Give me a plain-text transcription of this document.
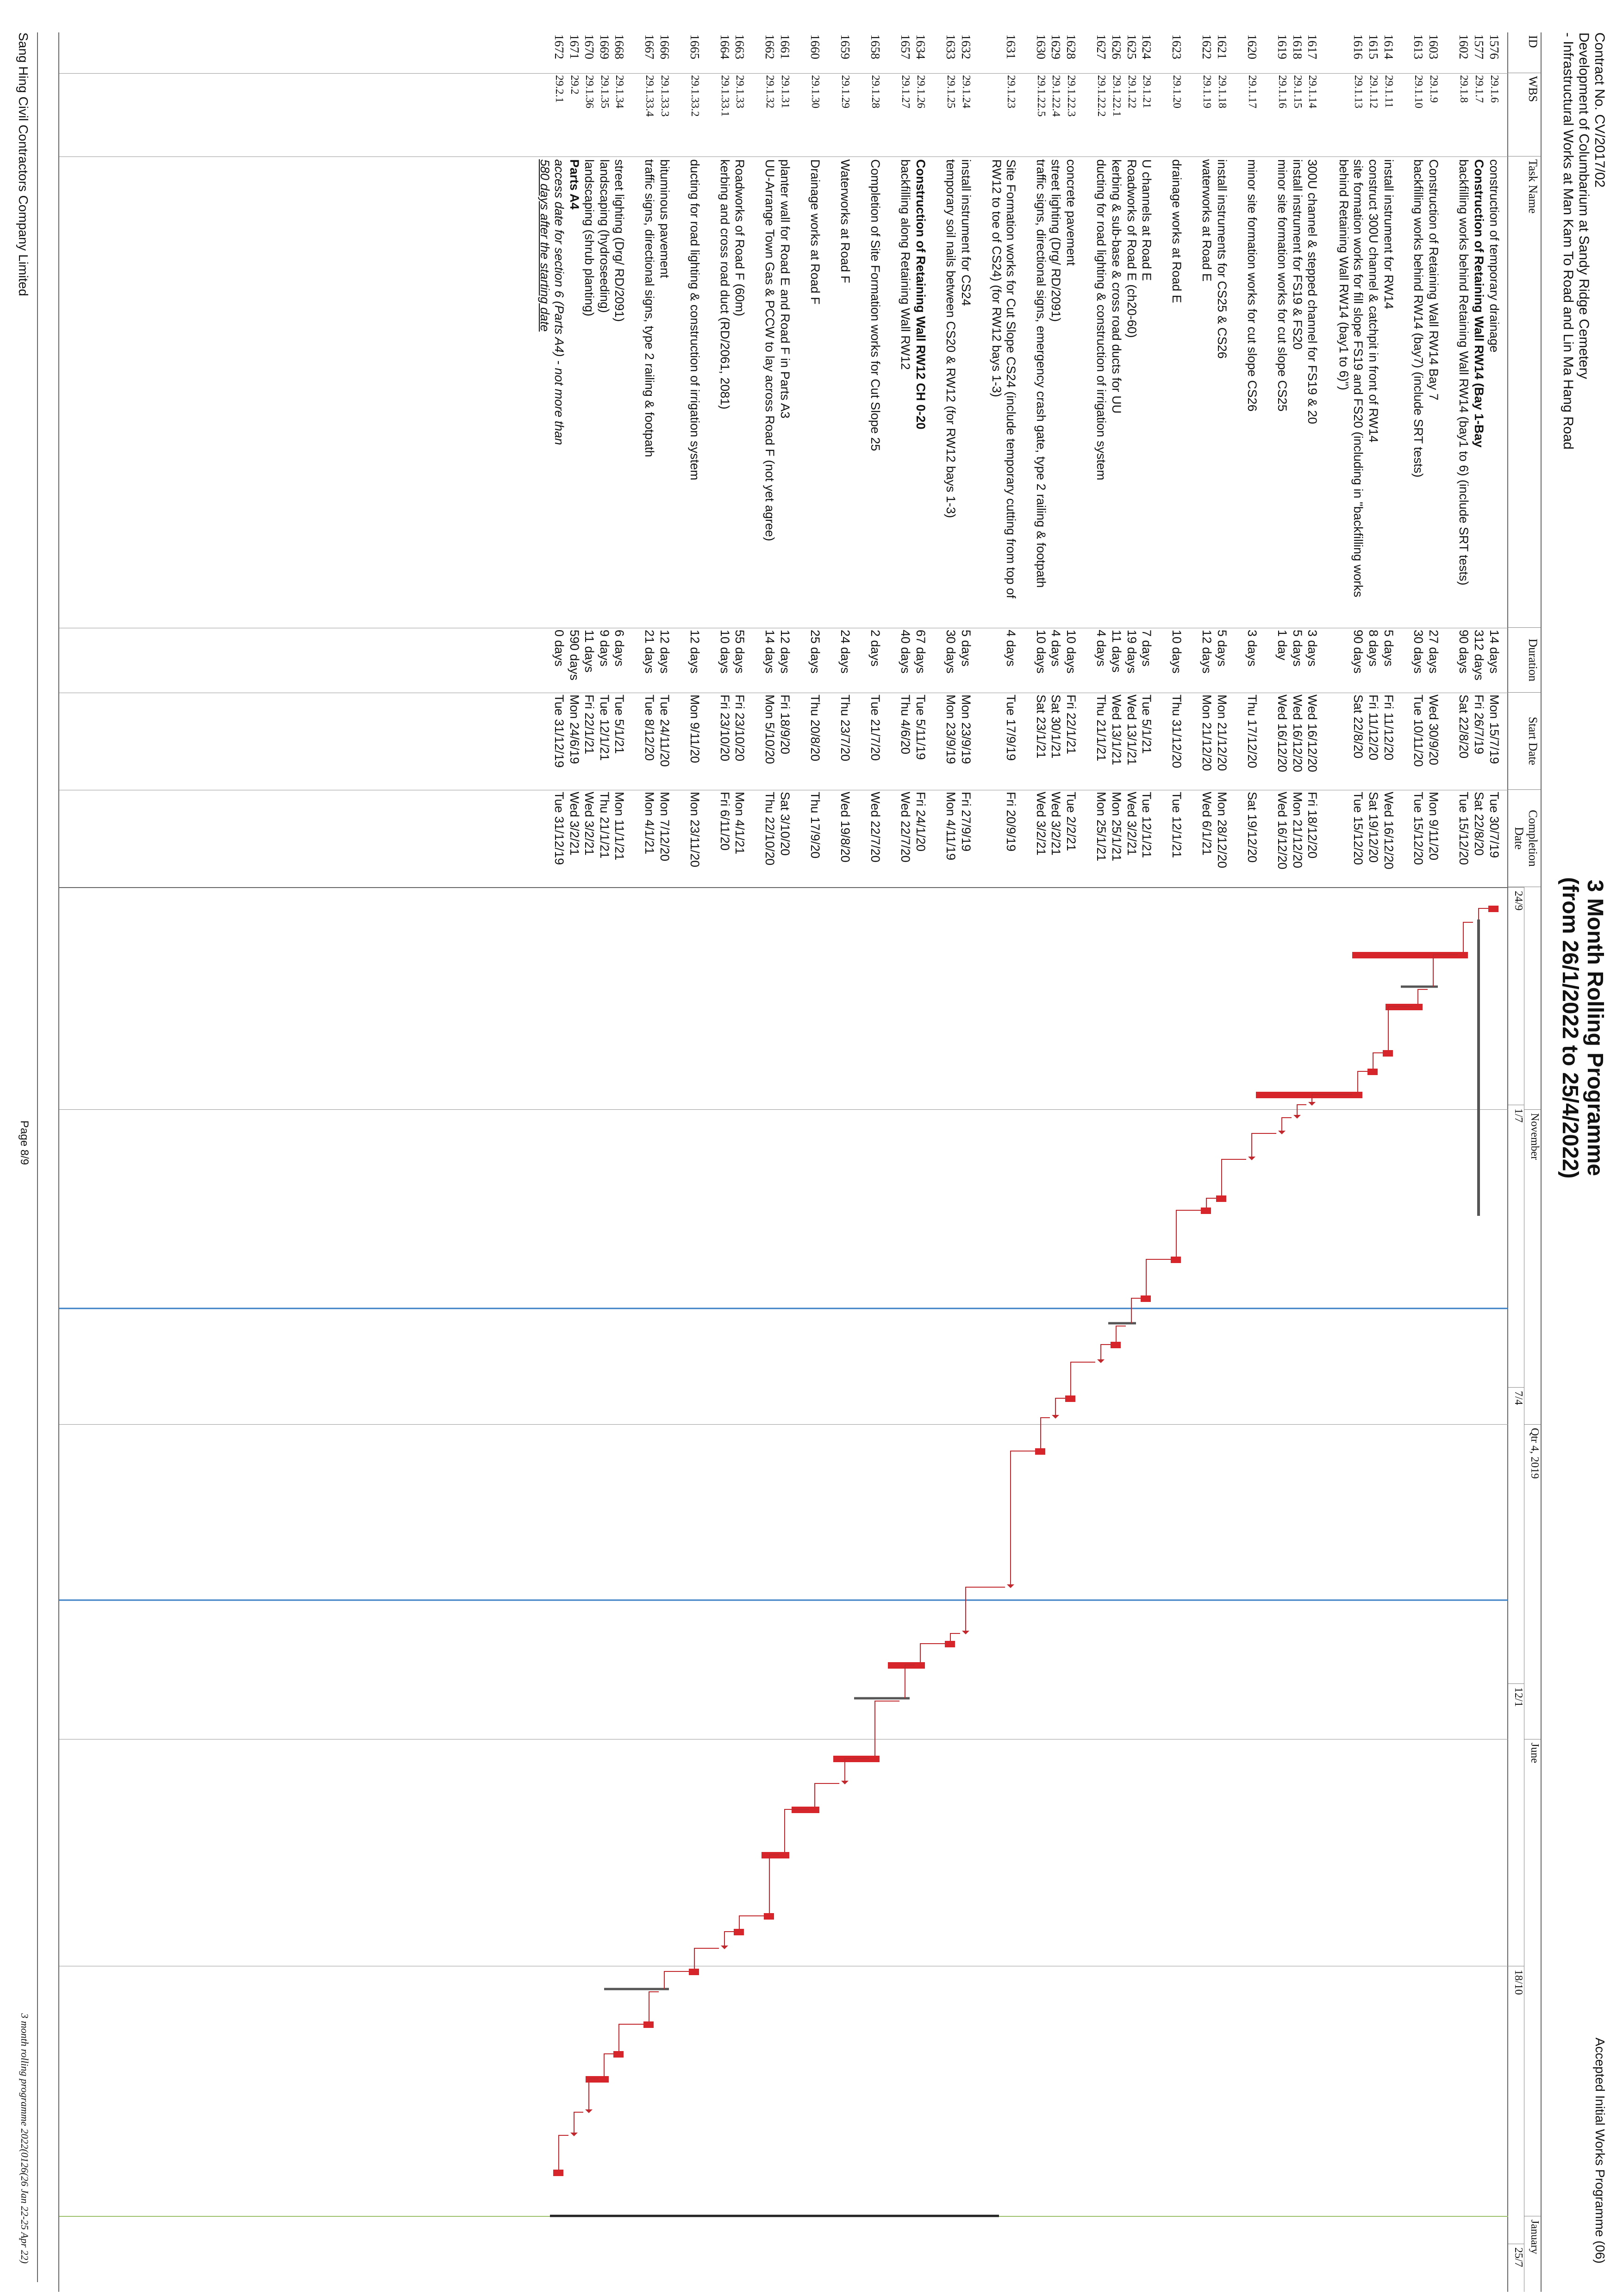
Contract No. CV/2017/02
Development of Columbarium at Sandy Ridge Cemetery
- Infrastructural Works at Man Kam To Road and Lin Ma Hang Road
3 Month Rolling Programme
(from 26/1/2022 to 25/4/2022)
Accepted Initial Works Programme (06)
ID
WBS
Task Name
Duration
Start Date
Completion
Date
November
Qtr 4, 2019
June
January
24/9
1/7
7/4
12/1
18/10
25/7
1576
29.1.6
construction of temporary drainage
14 days
Mon 15/7/19
Tue 30/7/19
1577
29.1.7
Construction of Retaining Wall RW14 (Bay 1-Bay
312 days
Fri 26/7/19
Sat 22/8/20
1602
29.1.8
backfilling works behind Retaining Wall RW14 (bay1 to 6) (include SRT tests)
90 days
Sat 22/8/20
Tue 15/12/20
1603
29.1.9
Construction of Retaining Wall RW14 Bay 7
27 days
Wed 30/9/20
Mon 9/11/20
1613
29.1.10
backfilling works behind RW14 (bay7) (include SRT tests)
30 days
Tue 10/11/20
Tue 15/12/20
1614
29.1.11
install instrument for RW14
5 days
Fri 11/12/20
Wed 16/12/20
1615
29.1.12
construct 300U channel & catchpit in front of RW14
8 days
Fri 11/12/20
Sat 19/12/20
1616
29.1.13
site formation works for fill slope FS19 and FS20 (including in "backfilling works behind Retaining Wall RW14 (bay1 to 6)")
90 days
Sat 22/8/20
Tue 15/12/20
1617
29.1.14
300U channel & stepped channel for FS19 & 20
3 days
Wed 16/12/20
Fri 18/12/20
1618
29.1.15
install instrument for FS19 & FS20
5 days
Wed 16/12/20
Mon 21/12/20
1619
29.1.16
minor site formation works for cut slope CS25
1 day
Wed 16/12/20
Wed 16/12/20
1620
29.1.17
minor site formation works for cut slope CS26
3 days
Thu 17/12/20
Sat 19/12/20
1621
29.1.18
install instruments for CS25 & CS26
5 days
Mon 21/12/20
Mon 28/12/20
1622
29.1.19
waterworks at Road E
12 days
Mon 21/12/20
Wed 6/1/21
1623
29.1.20
drainage works at Road E
10 days
Thu 31/12/20
Tue 12/1/21
1624
29.1.21
U channels at Road E
7 days
Tue 5/1/21
Tue 12/1/21
1625
29.1.22
Roadworks of Road E (ch20-60)
19 days
Wed 13/1/21
Wed 3/2/21
1626
29.1.22.1
kerbing & sub-base & cross road ducts for UU
11 days
Wed 13/1/21
Mon 25/1/21
1627
29.1.22.2
ducting for road lighting & construction of irrigation system
4 days
Thu 21/1/21
Mon 25/1/21
1628
29.1.22.3
concrete pavement
10 days
Fri 22/1/21
Tue 2/2/21
1629
29.1.22.4
street lighting (Drg/ RD/2091)
4 days
Sat 30/1/21
Wed 3/2/21
1630
29.1.22.5
traffic signs, directional signs, emergency crash gate, type 2 railing & footpath
10 days
Sat 23/1/21
Wed 3/2/21
1631
29.1.23
Site Formation works for Cut Slope CS24 (include temporary cutting from top of RW12 to toe of CS24) (for RW12 bays 1-3)
4 days
Tue 17/9/19
Fri 20/9/19
1632
29.1.24
install instrument for CS24
5 days
Mon 23/9/19
Fri 27/9/19
1633
29.1.25
temporary soil nails between CS20 & RW12 (for RW12 bays 1-3)
30 days
Mon 23/9/19
Mon 4/11/19
1634
29.1.26
Construction of Retaining Wall RW12 CH 0-20
67 days
Tue 5/11/19
Fri 24/1/20
1657
29.1.27
backfilling along Retaining Wall RW12
40 days
Thu 4/6/20
Wed 22/7/20
1658
29.1.28
Completion of Site Formation works for Cut Slope 25
2 days
Tue 21/7/20
Wed 22/7/20
1659
29.1.29
Waterworks at Road F
24 days
Thu 23/7/20
Wed 19/8/20
1660
29.1.30
Drainage works at Road F
25 days
Thu 20/8/20
Thu 17/9/20
1661
29.1.31
planter wall for Road E and Road F in Parts A3
12 days
Fri 18/9/20
Sat 3/10/20
1662
29.1.32
UU-Arrange Town Gas & PCCW to lay across Road F (not yet agree)
14 days
Mon 5/10/20
Thu 22/10/20
1663
29.1.33
Roadworks of Road F (60m)
55 days
Fri 23/10/20
Mon 4/1/21
1664
29.1.33.1
kerbing and cross road duct (RD/2061, 2081)
10 days
Fri 23/10/20
Fri 6/11/20
1665
29.1.33.2
ducting for road lighting & construction of irrigation system
12 days
Mon 9/11/20
Mon 23/11/20
1666
29.1.33.3
bituminous pavement
12 days
Tue 24/11/20
Mon 7/12/20
1667
29.1.33.4
traffic signs, directional signs, type 2 railing & footpath
21 days
Tue 8/12/20
Mon 4/1/21
1668
29.1.34
street lighting (Drg/ RD/2091)
6 days
Tue 5/1/21
Mon 11/1/21
1669
29.1.35
landscaping (hydroseeding)
9 days
Tue 12/1/21
Thu 21/1/21
1670
29.1.36
landscaping (shrub planting)
11 days
Fri 22/1/21
Wed 3/2/21
1671
29.2
Parts A4
590 days
Mon 24/6/19
Wed 3/2/21
1672
29.2.1
access date for section 6 (Parts A4) - not more than
580 days after the starting date
0 days
Tue 31/12/19
Tue 31/12/19
Sang Hing Civil Contractors Company Limited
Page 8/9
3 month rolling programme 2022(0126(26 Jan 22-25 Apr 22)
